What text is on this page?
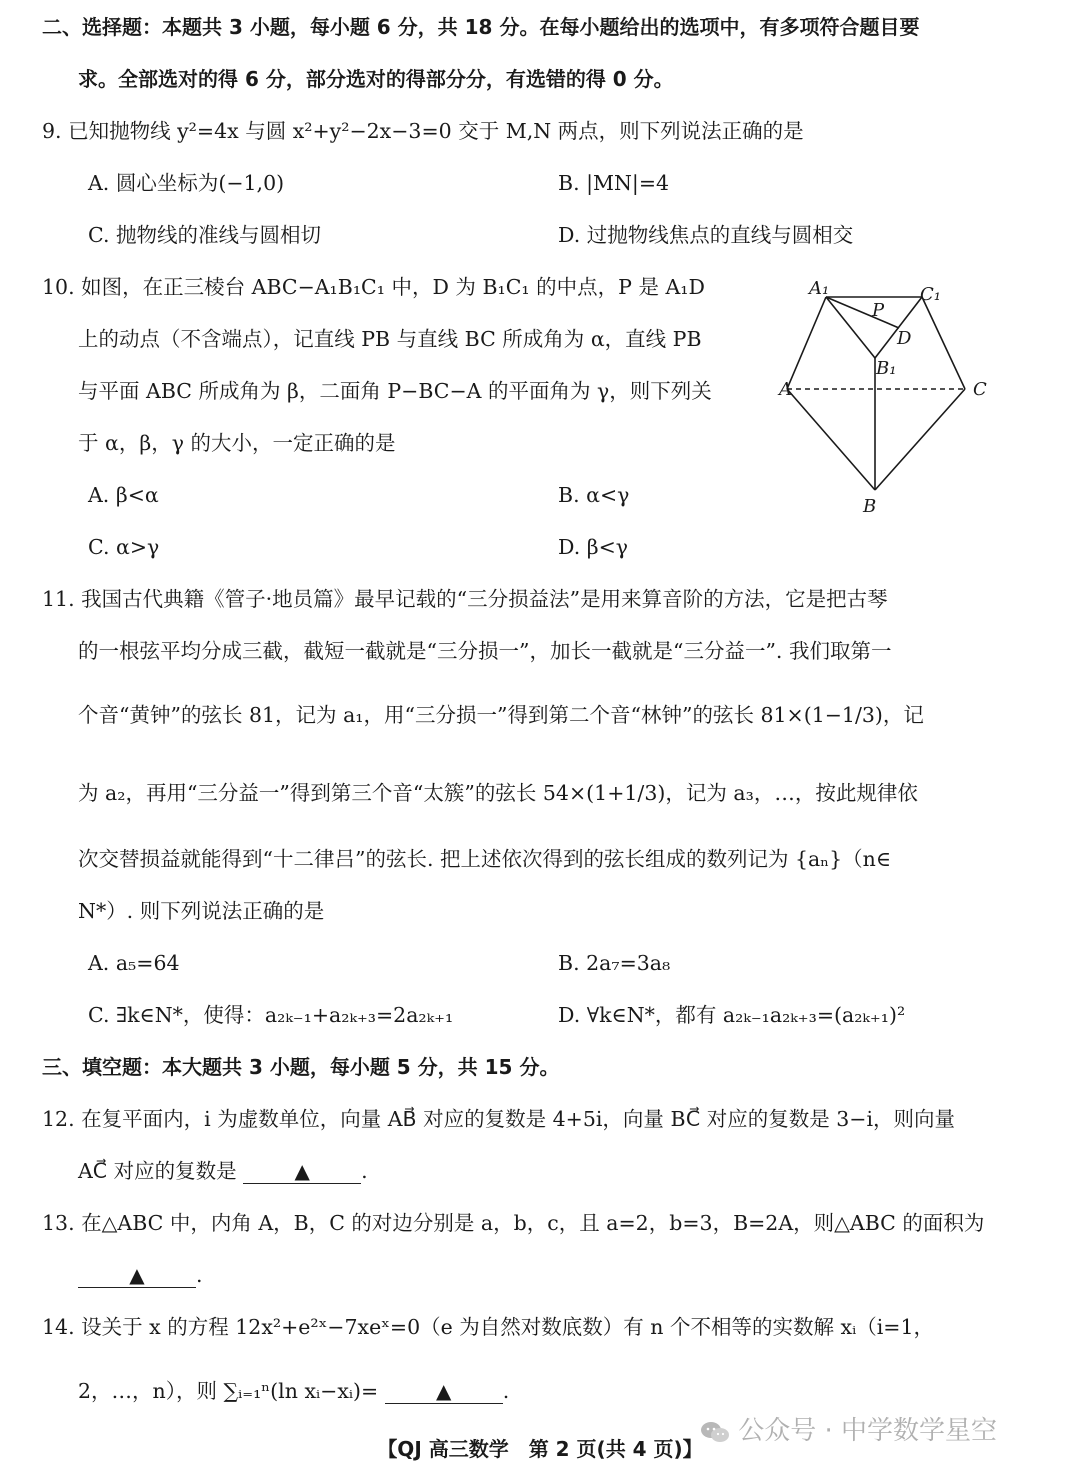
二、选择题：本题共 3 小题，每小题 6 分，共 18 分。在每小题给出的选项中，有多项符合题目要
求。全部选对的得 6 分，部分选对的得部分分，有选错的得 0 分。
9. 已知抛物线 y²=4x 与圆 x²+y²−2x−3=0 交于 M,N 两点，则下列说法正确的是
A. 圆心坐标为(−1,0)	B. |MN|=4
C. 抛物线的准线与圆相切	D. 过抛物线焦点的直线与圆相交
10. 如图，在正三棱台 ABC−A₁B₁C₁ 中，D 为 B₁C₁ 的中点，P 是 A₁D
上的动点（不含端点），记直线 PB 与直线 BC 所成角为 α，直线 PB
与平面 ABC 所成角为 β，二面角 P−BC−A 的平面角为 γ，则下列关
于 α，β，γ 的大小，一定正确的是
A. β<α	B. α<γ
C. α>γ	D. β<γ
A₁	C₁
P
D
B₁
A	C
B
11. 我国古代典籍《管子·地员篇》最早记载的“三分损益法”是用来算音阶的方法，它是把古琴
的一根弦平均分成三截，截短一截就是“三分损一”，加长一截就是“三分益一”. 我们取第一
个音“黄钟”的弦长 81，记为 a₁，用“三分损一”得到第二个音“林钟”的弦长 81×(1−1/3)，记
为 a₂，再用“三分益一”得到第三个音“太簇”的弦长 54×(1+1/3)，记为 a₃，…，按此规律依
次交替损益就能得到“十二律吕”的弦长. 把上述依次得到的弦长组成的数列记为 {aₙ}（n∈
N*）. 则下列说法正确的是
A. a₅=64	B. 2a₇=3a₈
C. ∃k∈N*，使得：a₂ₖ₋₁+a₂ₖ₊₃=2a₂ₖ₊₁	D. ∀k∈N*，都有 a₂ₖ₋₁a₂ₖ₊₃=(a₂ₖ₊₁)²
三、填空题：本大题共 3 小题，每小题 5 分，共 15 分。
12. 在复平面内，i 为虚数单位，向量 AB⃗ 对应的复数是 4+5i，向量 BC⃗ 对应的复数是 3−i，则向量
AC⃗ 对应的复数是	▲	.
13. 在△ABC 中，内角 A，B，C 的对边分别是 a，b，c，且 a=2，b=3，B=2A，则△ABC 的面积为
▲	.
14. 设关于 x 的方程 12x²+e²ˣ−7xeˣ=0（e 为自然对数底数）有 n 个不相等的实数解 xᵢ（i=1，
2，…，n），则 ∑ᵢ₌₁ⁿ(ln xᵢ−xᵢ)=	▲	.
【QJ 高三数学　第 2 页(共 4 页)】
公众号 · 中学数学星空
